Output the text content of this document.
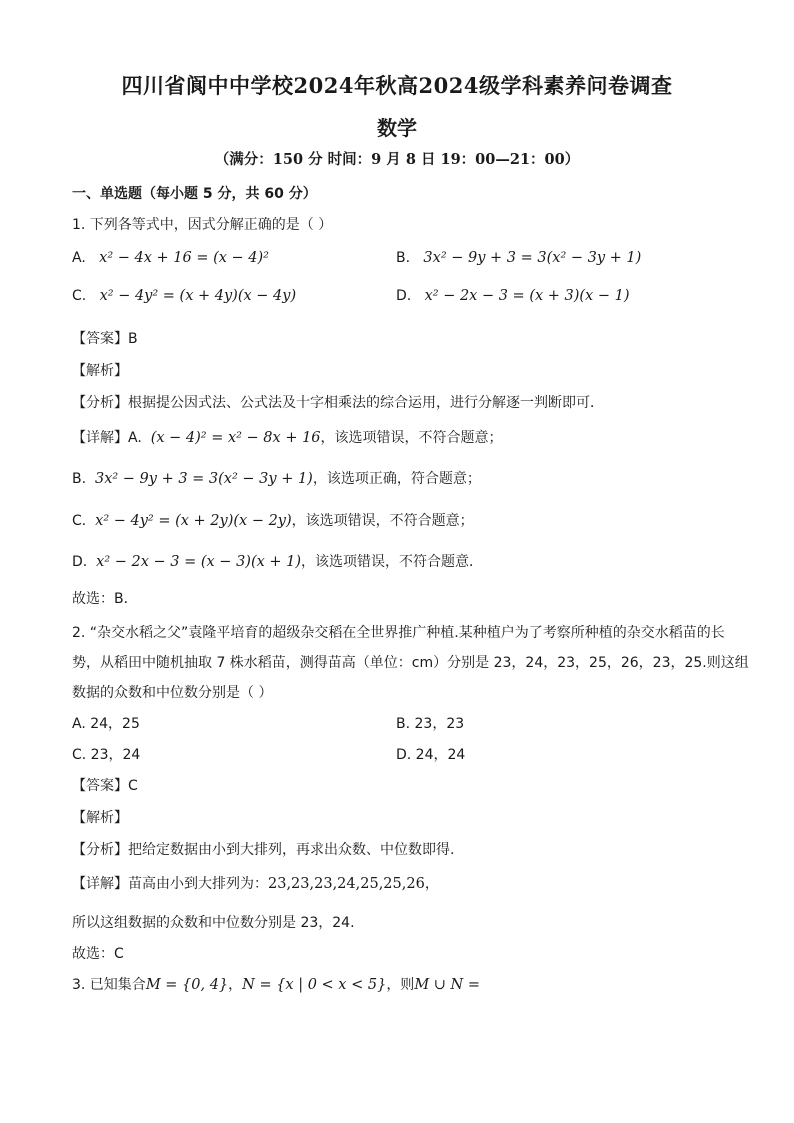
四川省阆中中学校2024年秋高2024级学科素养问卷调查
数学
（满分：150 分 时间：9 月 8 日 19：00—21：00）
一、单选题（每小题 5 分，共 60 分）
1. 下列各等式中，因式分解正确的是（ ）
A. x² − 4x + 16 = (x − 4)²	B. 3x² − 9y + 3 = 3(x² − 3y + 1)
C. x² − 4y² = (x + 4y)(x − 4y)	D. x² − 2x − 3 = (x + 3)(x − 1)
【答案】B
【解析】
【分析】根据提公因式法、公式法及十字相乘法的综合运用，进行分解逐一判断即可．
【详解】A. (x − 4)² = x² − 8x + 16，该选项错误，不符合题意；
B. 3x² − 9y + 3 = 3(x² − 3y + 1)，该选项正确，符合题意；
C. x² − 4y² = (x + 2y)(x − 2y)，该选项错误，不符合题意；
D. x² − 2x − 3 = (x − 3)(x + 1)，该选项错误，不符合题意．
故选：B．
2. “杂交水稻之父”袁隆平培育的超级杂交稻在全世界推广种植.某种植户为了考察所种植的杂交水稻苗的长
势，从稻田中随机抽取 7 株水稻苗，测得苗高（单位：cm）分别是 23，24，23，25，26，23，25.则这组
数据的众数和中位数分别是（ ）
A. 24，25	B. 23，23
C. 23，24	D. 24，24
【答案】C
【解析】
【分析】把给定数据由小到大排列，再求出众数、中位数即得.
【详解】苗高由小到大排列为：23,23,23,24,25,25,26，
所以这组数据的众数和中位数分别是 23，24.
故选：C
3. 已知集合M = {0, 4}，N = {x | 0 < x < 5}，则M ∪ N =
